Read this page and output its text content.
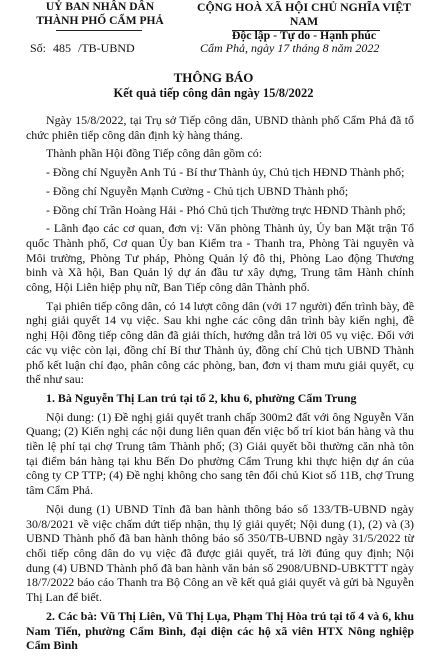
UỶ BAN NHÂN DÂN
THÀNH PHỐ CẨM PHẢ
CỘNG HOÀ XÃ HỘI CHỦ NGHĨA VIỆT NAM
Độc lập - Tự do - Hạnh phúc
Số: 485 /TB-UBND	Cẩm Phả, ngày 17 tháng 8 năm 2022
THÔNG BÁO
Kết quả tiếp công dân ngày 15/8/2022

Ngày 15/8/2022, tại Trụ sở Tiếp công dân, UBND thành phố Cẩm Phả đã tổ chức phiên tiếp công dân định kỳ hàng tháng.

Thành phần Hội đồng Tiếp công dân gồm có:

- Đồng chí Nguyễn Anh Tú - Bí thư Thành ủy, Chủ tịch HĐND Thành phố;

- Đồng chí Nguyễn Mạnh Cường - Chủ tịch UBND Thành phố;

- Đồng chí Trần Hoàng Hải - Phó Chủ tịch Thường trực HĐND Thành phố;

- Lãnh đạo các cơ quan, đơn vị: Văn phòng Thành ủy, Ủy ban Mặt trận Tổ quốc Thành phố, Cơ quan Ủy ban Kiểm tra - Thanh tra, Phòng Tài nguyên và Môi trường, Phòng Tư pháp, Phòng Quản lý đô thị, Phòng Lao động Thương binh và Xã hội, Ban Quản lý dự án đầu tư xây dựng, Trung tâm Hành chính công, Hội Liên hiệp phụ nữ, Ban Tiếp công dân Thành phố.

Tại phiên tiếp công dân, có 14 lượt công dân (với 17 người) đến trình bày, đề nghị giải quyết 14 vụ việc. Sau khi nghe các công dân trình bày kiến nghị, đề nghị Hội đồng tiếp công dân đã giải thích, hướng dẫn trả lời 05 vụ việc. Đối với các vụ việc còn lại, đồng chí Bí thư Thành ủy, đồng chí Chủ tịch UBND Thành phố kết luận chỉ đạo, phân công các phòng, ban, đơn vị tham mưu giải quyết, cụ thể như sau:

1. Bà Nguyễn Thị Lan trú tại tổ 2, khu 6, phường Cẩm Trung

Nội dung: (1) Đề nghị giải quyết tranh chấp 300m2 đất với ông Nguyễn Văn Quang; (2) Kiến nghị các nội dung liên quan đến việc bố trí kiot bán hàng và thu tiền lệ phí tại chợ Trung tâm Thành phố; (3) Giải quyết bồi thường căn nhà tôn tại điểm bán hàng tại khu Bến Do phường Cẩm Trung khi thực hiện dự án của công ty CP TTP; (4) Đề nghị không cho sang tên đối chủ Kiot số 11B, chợ Trung tâm Cẩm Phả.

Nội dung (1) UBND Tỉnh đã ban hành thông báo số 133/TB-UBND ngày 30/8/2021 về việc chấm dứt tiếp nhận, thụ lý giải quyết; Nội dung (1), (2) và (3) UBND Thành phố đã ban hành thông báo số 350/TB-UBND ngày 31/5/2022 từ chối tiếp công dân do vụ việc đã được giải quyết, trả lời đúng quy định; Nội dung (4) UBND Thành phố đã ban hành văn bản số 2908/UBND-UBKTTT ngày 18/7/2022 báo cáo Thanh tra Bộ Công an về kết quả giải quyết và gửi bà Nguyễn Thị Lan để biết.

2. Các bà: Vũ Thị Liên, Vũ Thị Lụa, Phạm Thị Hòa trú tại tổ 4 và 6, khu Nam Tiến, phường Cẩm Bình, đại diện các hộ xã viên HTX Nông nghiệp Cẩm Bình
